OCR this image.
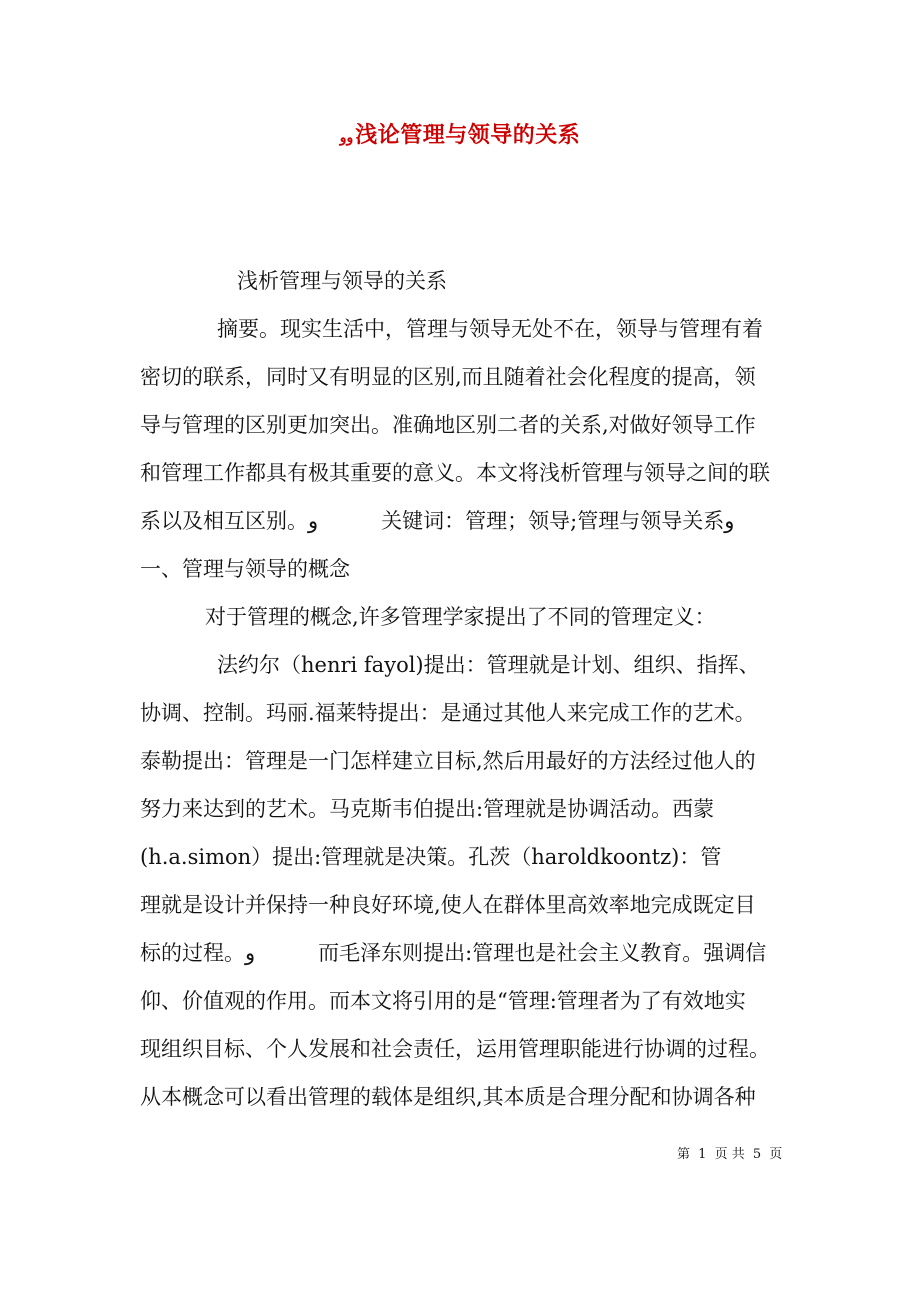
وو浅论管理与领导的关系
浅析管理与领导的关系
摘要。现实生活中，管理与领导无处不在，领导与管理有着
密切的联系，同时又有明显的区别,而且随着社会化程度的提高，领
导与管理的区别更加突出。准确地区别二者的关系,对做好领导工作
和管理工作都具有极其重要的意义。本文将浅析管理与领导之间的联
系以及相互区别。و　　　关键词：管理；领导;管理与领导关系و
一、管理与领导的概念
对于管理的概念,许多管理学家提出了不同的管理定义：
法约尔（henri fayol)提出：管理就是计划、组织、指挥、
协调、控制。玛丽.福莱特提出：是通过其他人来完成工作的艺术。
泰勒提出：管理是一门怎样建立目标,然后用最好的方法经过他人的
努力来达到的艺术。马克斯韦伯提出:管理就是协调活动。西蒙
(h.a.simon）提出:管理就是决策。孔茨（haroldkoontz)：管
理就是设计并保持一种良好环境,使人在群体里高效率地完成既定目
标的过程。و　　　而毛泽东则提出:管理也是社会主义教育。强调信
仰、价值观的作用。而本文将引用的是“管理:管理者为了有效地实
现组织目标、个人发展和社会责任，运用管理职能进行协调的过程。
从本概念可以看出管理的载体是组织,其本质是合理分配和协调各种
第 1 页 共 5 页
